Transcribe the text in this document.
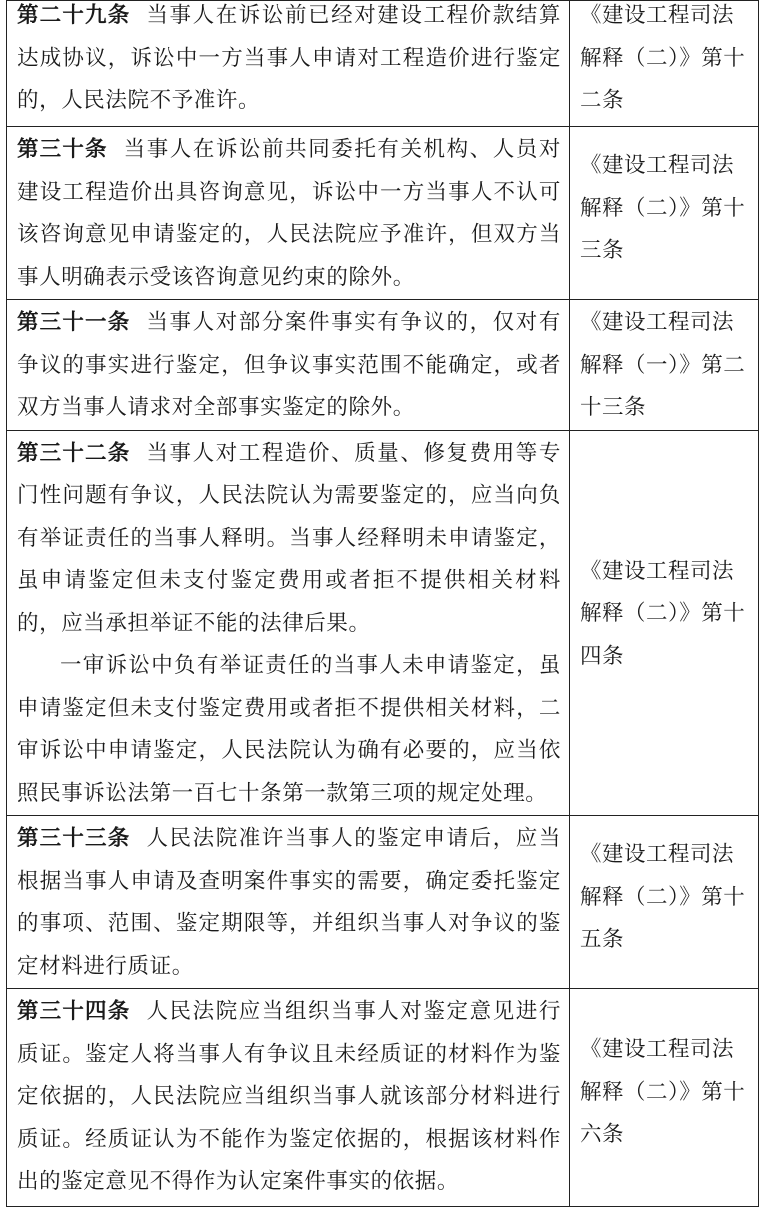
第二十九条 当事人在诉讼前已经对建设工程价款结算达成协议，诉讼中一方当事人申请对工程造价进行鉴定的，人民法院不予准许。	《建设工程司法解释（二）》第十二条

第三十条 当事人在诉讼前共同委托有关机构、人员对建设工程造价出具咨询意见，诉讼中一方当事人不认可该咨询意见申请鉴定的，人民法院应予准许，但双方当事人明确表示受该咨询意见约束的除外。	《建设工程司法解释（二）》第十三条

第三十一条 当事人对部分案件事实有争议的，仅对有争议的事实进行鉴定，但争议事实范围不能确定，或者双方当事人请求对全部事实鉴定的除外。	《建设工程司法解释（一）》第二十三条

第三十二条 当事人对工程造价、质量、修复费用等专门性问题有争议，人民法院认为需要鉴定的，应当向负有举证责任的当事人释明。当事人经释明未申请鉴定，虽申请鉴定但未支付鉴定费用或者拒不提供相关材料的，应当承担举证不能的法律后果。

一审诉讼中负有举证责任的当事人未申请鉴定，虽申请鉴定但未支付鉴定费用或者拒不提供相关材料，二审诉讼中申请鉴定，人民法院认为确有必要的，应当依照民事诉讼法第一百七十条第一款第三项的规定处理。	《建设工程司法解释（二）》第十四条

第三十三条 人民法院准许当事人的鉴定申请后，应当根据当事人申请及查明案件事实的需要，确定委托鉴定的事项、范围、鉴定期限等，并组织当事人对争议的鉴定材料进行质证。	《建设工程司法解释（二）》第十五条

第三十四条 人民法院应当组织当事人对鉴定意见进行质证。鉴定人将当事人有争议且未经质证的材料作为鉴定依据的，人民法院应当组织当事人就该部分材料进行质证。经质证认为不能作为鉴定依据的，根据该材料作出的鉴定意见不得作为认定案件事实的依据。	《建设工程司法解释（二）》第十六条
